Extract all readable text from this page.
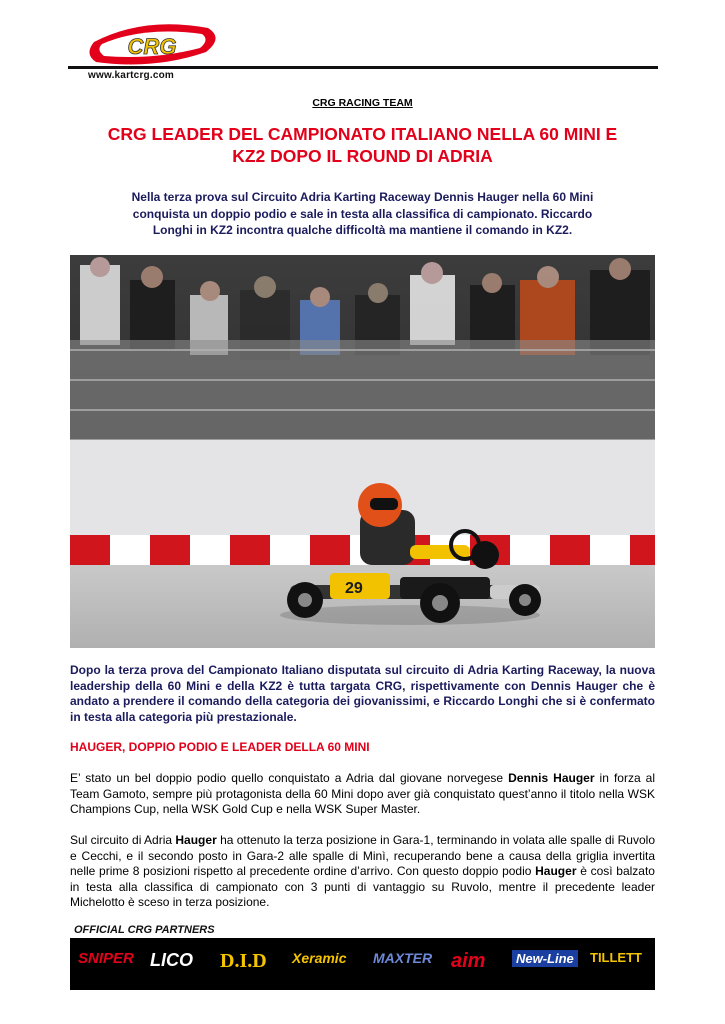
CRG
www.kartcrg.com
CRG RACING TEAM
CRG LEADER DEL CAMPIONATO ITALIANO NELLA 60 MINI E
KZ2 DOPO IL ROUND DI ADRIA
Nella terza prova sul Circuito Adria Karting Raceway Dennis Hauger nella 60 Mini
conquista un doppio podio e sale in testa alla classifica di campionato. Riccardo
Longhi in KZ2 incontra qualche difficoltà ma mantiene il comando in KZ2.
29
Dopo la terza prova del Campionato Italiano disputata sul circuito di Adria Karting Raceway, la nuova leadership della 60 Mini e della KZ2 è tutta targata CRG, rispettivamente con Dennis Hauger che è andato a prendere il comando della categoria dei giovanissimi, e Riccardo Longhi che si è confermato in testa alla categoria più prestazionale.
HAUGER, DOPPIO PODIO E LEADER DELLA 60 MINI
E’ stato un bel doppio podio quello conquistato a Adria dal giovane norvegese Dennis Hauger in forza al Team Gamoto, sempre più protagonista della 60 Mini dopo aver già conquistato quest’anno il titolo nella WSK Champions Cup, nella WSK Gold Cup e nella WSK Super Master.
Sul circuito di Adria Hauger ha ottenuto la terza posizione in Gara-1, terminando in volata alle spalle di Ruvolo e Cecchi, e il secondo posto in Gara-2 alle spalle di Minì, recuperando bene a causa della griglia invertita nelle prime 8 posizioni rispetto al precedente ordine d’arrivo. Con questo doppio podio Hauger è così balzato in testa alla classifica di campionato con 3 punti di vantaggio su Ruvolo, mentre il precedente leader Michelotto è sceso in terza posizione.
OFFICIAL CRG PARTNERS
SNIPER LICO D.I.D Xeramic MAXTER aim	New-Line	TILLETT
